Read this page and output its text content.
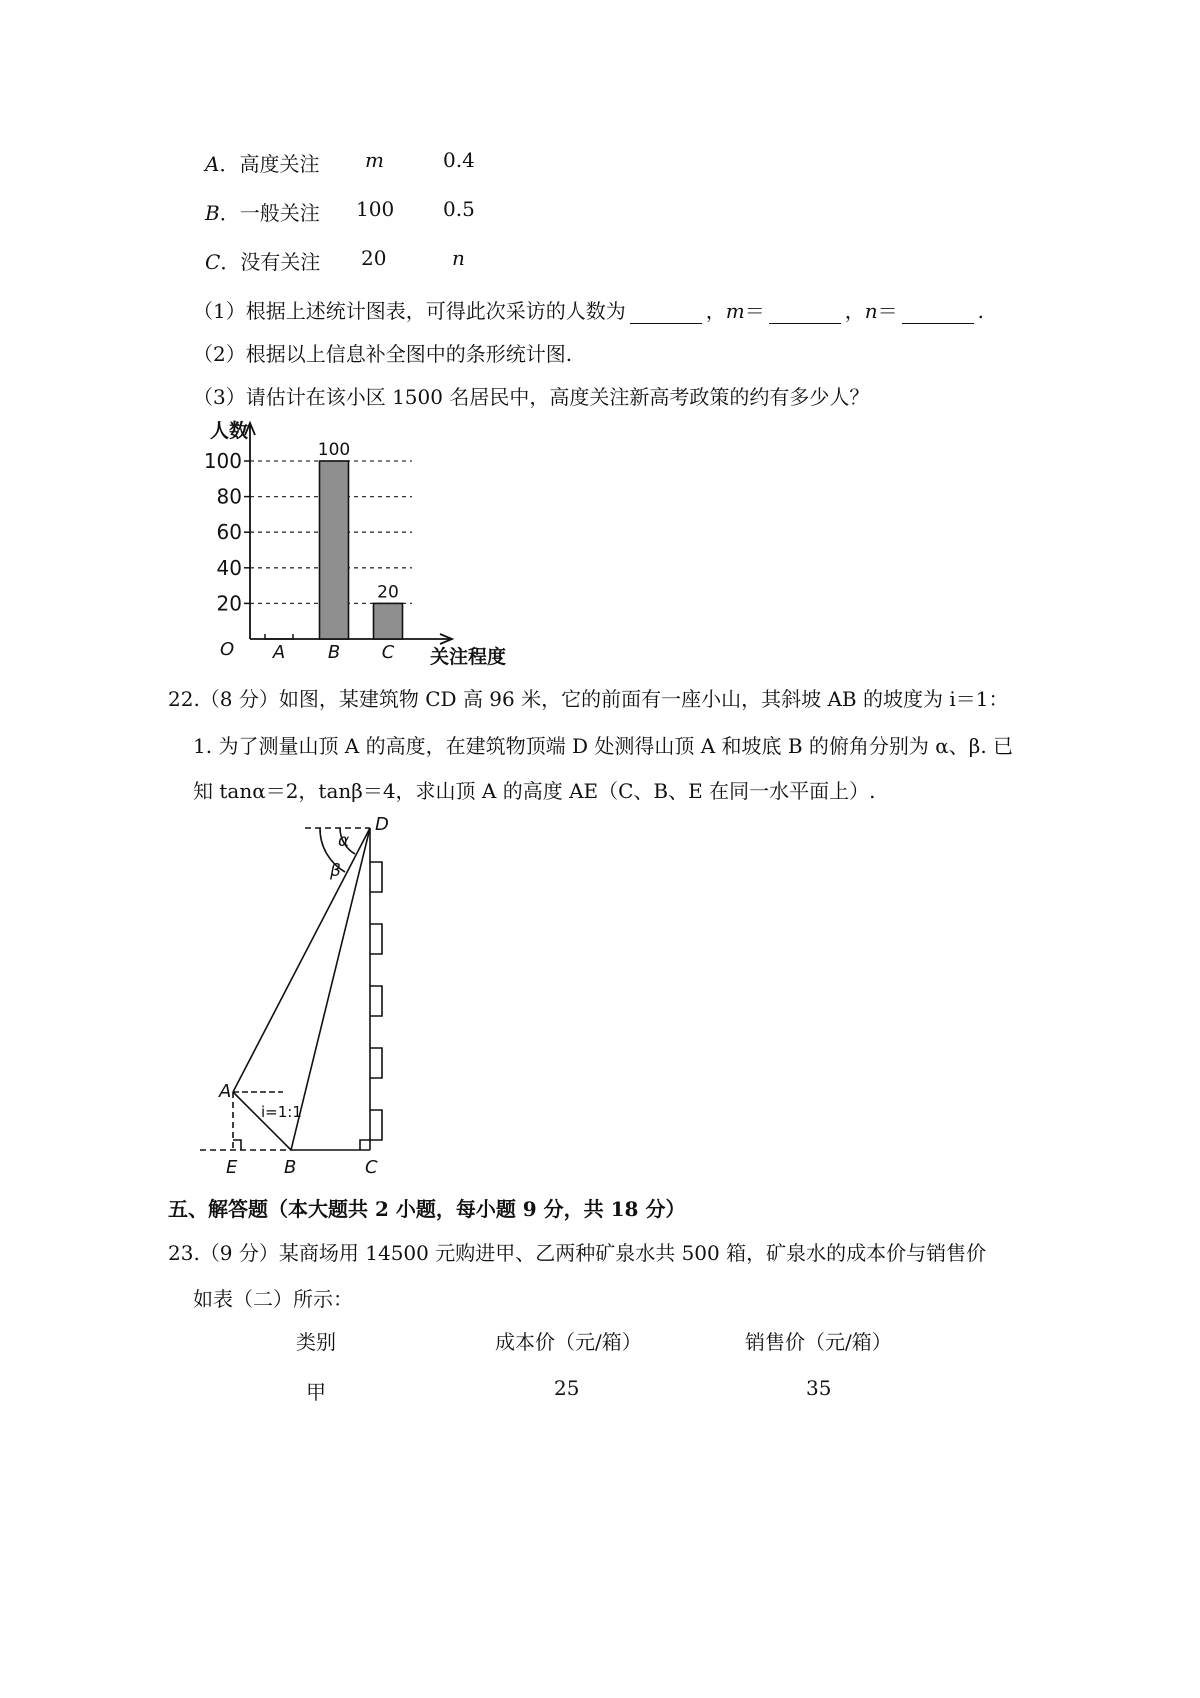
A．高度关注 m	0.4
B．一般关注 100 0.5
C．没有关注 20	n
（1）根据上述统计图表，可得此次采访的人数为	，m＝	，n＝	.
（2）根据以上信息补全图中的条形统计图.
（3）请估计在该小区 1500 名居民中，高度关注新高考政策的约有多少人？
20
40
60
80
100
人数
关注程度
O A B
100
C
20
22.（8 分）如图，某建筑物 CD 高 96 米，它的前面有一座小山，其斜坡 AB 的坡度为 i＝1：
1. 为了测量山顶 A 的高度，在建筑物顶端 D 处测得山顶 A 和坡底 B 的俯角分别为 α、β. 已
知 tanα＝2，tanβ＝4，求山顶 A 的高度 AE（C、B、E 在同一水平面上）.
D
α
β
A
E	B	C
i=1:1
五、解答题（本大题共 2 小题，每小题 9 分，共 18 分）
23.（9 分）某商场用 14500 元购进甲、乙两种矿泉水共 500 箱，矿泉水的成本价与销售价
如表（二）所示：
类别	成本价（元/箱）	销售价（元/箱）
甲	25	35
